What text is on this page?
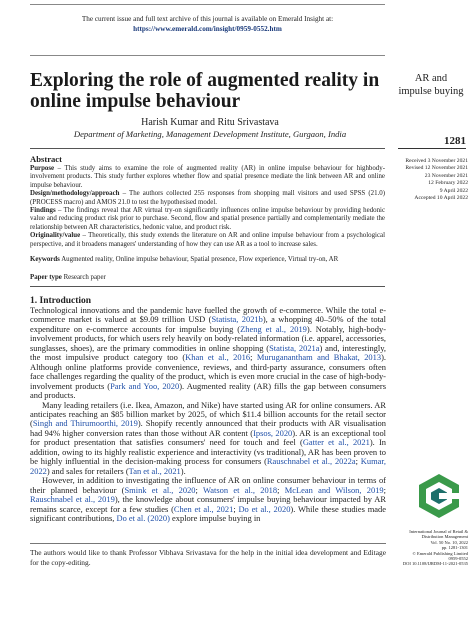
The current issue and full text archive of this journal is available on Emerald Insight at:
https://www.emerald.com/insight/0959-0552.htm
AR and impulse buying
1281
Exploring the role of augmented reality in online impulse behaviour
Harish Kumar and Ritu Srivastava
Department of Marketing, Management Development Institute, Gurgaon, India
Received 3 November 2021
Revised 12 November 2021
23 November 2021
12 February 2022
9 April 2022
Accepted 10 April 2022
Abstract
Purpose – This study aims to examine the role of augmented reality (AR) in online impulse behaviour for highbody-involvement products. This study further explores whether flow and spatial presence mediate the link between AR and online impulse behaviour.
Design/methodology/approach – The authors collected 255 responses from shopping mall visitors and used SPSS (21.0) (PROCESS macro) and AMOS 21.0 to test the hypothesised model.
Findings – The findings reveal that AR virtual try-on significantly influences online impulse behaviour by providing hedonic value and reducing product risk prior to purchase. Second, flow and spatial presence partially and complementarily mediate the relationship between AR characteristics, hedonic value, and product risk.
Originality/value – Theoretically, this study extends the literature on AR and online impulse behaviour from a psychological perspective, and it broadens managers' understanding of how they can use AR as a tool to increase sales.
Keywords Augmented reality, Online impulse behaviour, Spatial presence, Flow experience, Virtual try-on, AR
Paper type Research paper
1. Introduction

Technological innovations and the pandemic have fuelled the growth of e-commerce. While the total e-commerce market is valued at $9.09 trillion USD (Statista, 2021b), a whopping 40–50% of the total expenditure on e-commerce accounts for impulse buying (Zheng et al., 2019). Notably, high-body-involvement products, for which users rely heavily on body-related information (i.e. apparel, accessories, sunglasses, shoes), are the primary commodities in online shopping (Statista, 2021a) and, interestingly, the most impulsive product category too (Khan et al., 2016; Muruganantham and Bhakat, 2013). Although online platforms provide convenience, reviews, and third-party assurance, consumers often face challenges regarding the quality of the product, which is even more crucial in the case of high-body-involvement products (Park and Yoo, 2020). Augmented reality (AR) fills the gap between consumers and products.

Many leading retailers (i.e. Ikea, Amazon, and Nike) have started using AR for online consumers. AR anticipates reaching an $85 billion market by 2025, of which $11.4 billion accounts for the retail sector (Singh and Thirumoorthi, 2019). Shopify recently announced that their products with AR visualisation had 94% higher conversion rates than those without AR content (Ipsos, 2020). AR is an exceptional tool for product presentation that satisfies consumers' need for touch and feel (Gatter et al., 2021). In addition, owing to its highly realistic experience and interactivity (vs traditional), AR has been proven to be highly influential in the decision-making process for consumers (Rauschnabel et al., 2022a; Kumar, 2022) and sales for retailers (Tan et al., 2021).

However, in addition to investigating the influence of AR on online consumer behaviour in terms of their planned behaviour (Smink et al., 2020; Watson et al., 2018; McLean and Wilson, 2019; Rauschnabel et al., 2019), the knowledge about consumers' impulse buying behaviour impacted by AR remains scarce, except for a few studies (Chen et al., 2021; Do et al., 2020). While these studies made significant contributions, Do et al. (2020) explore impulse buying in

The authors would like to thank Professor Vibhava Srivastava for the help in the initial idea development and Editage for the copy-editing.
International Journal of Retail &
Distribution Management
Vol. 50 No. 10, 2022
pp. 1281-1301
© Emerald Publishing Limited
0959-0552
DOI 10.1108/IJRDM-11-2021-0535
